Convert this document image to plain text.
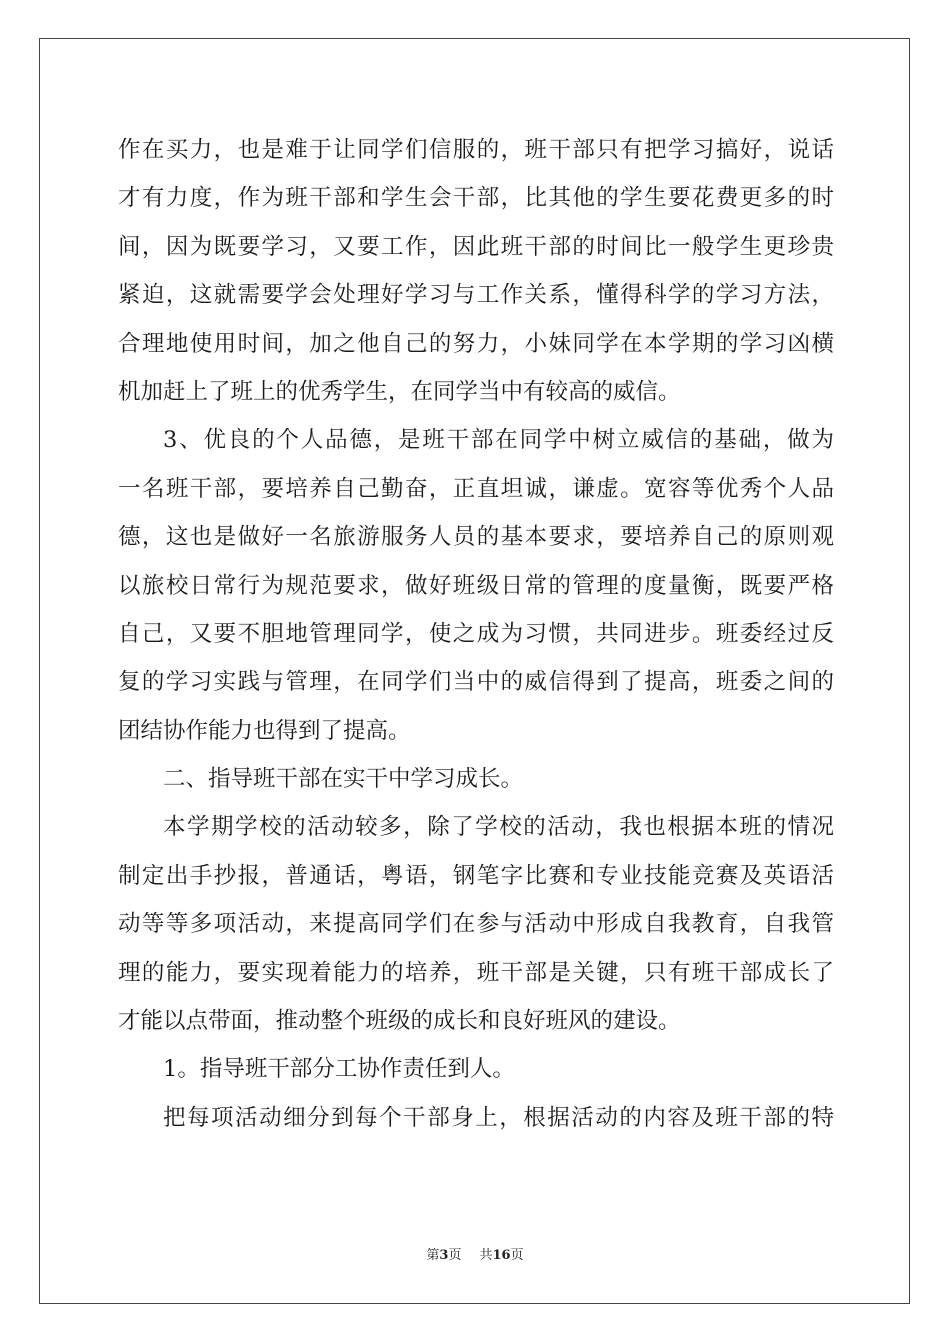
作在买力，也是难于让同学们信服的，班干部只有把学习搞好，说话
才有力度，作为班干部和学生会干部，比其他的学生要花费更多的时
间，因为既要学习，又要工作，因此班干部的时间比一般学生更珍贵
紧迫，这就需要学会处理好学习与工作关系，懂得科学的学习方法，
合理地使用时间，加之他自己的努力，小妹同学在本学期的学习凶横
机加赶上了班上的优秀学生，在同学当中有较高的威信。
3、优良的个人品德，是班干部在同学中树立威信的基础，做为
一名班干部，要培养自己勤奋，正直坦诚，谦虚。宽容等优秀个人品
德，这也是做好一名旅游服务人员的基本要求，要培养自己的原则观
以旅校日常行为规范要求，做好班级日常的管理的度量衡，既要严格
自己，又要不胆地管理同学，使之成为习惯，共同进步。班委经过反
复的学习实践与管理，在同学们当中的威信得到了提高，班委之间的
团结协作能力也得到了提高。
二、指导班干部在实干中学习成长。
本学期学校的活动较多，除了学校的活动，我也根据本班的情况
制定出手抄报，普通话，粤语，钢笔字比赛和专业技能竞赛及英语活
动等等多项活动，来提高同学们在参与活动中形成自我教育，自我管
理的能力，要实现着能力的培养，班干部是关键，只有班干部成长了
才能以点带面，推动整个班级的成长和良好班风的建设。
1。指导班干部分工协作责任到人。
把每项活动细分到每个干部身上，根据活动的内容及班干部的特
第3页 共16页
